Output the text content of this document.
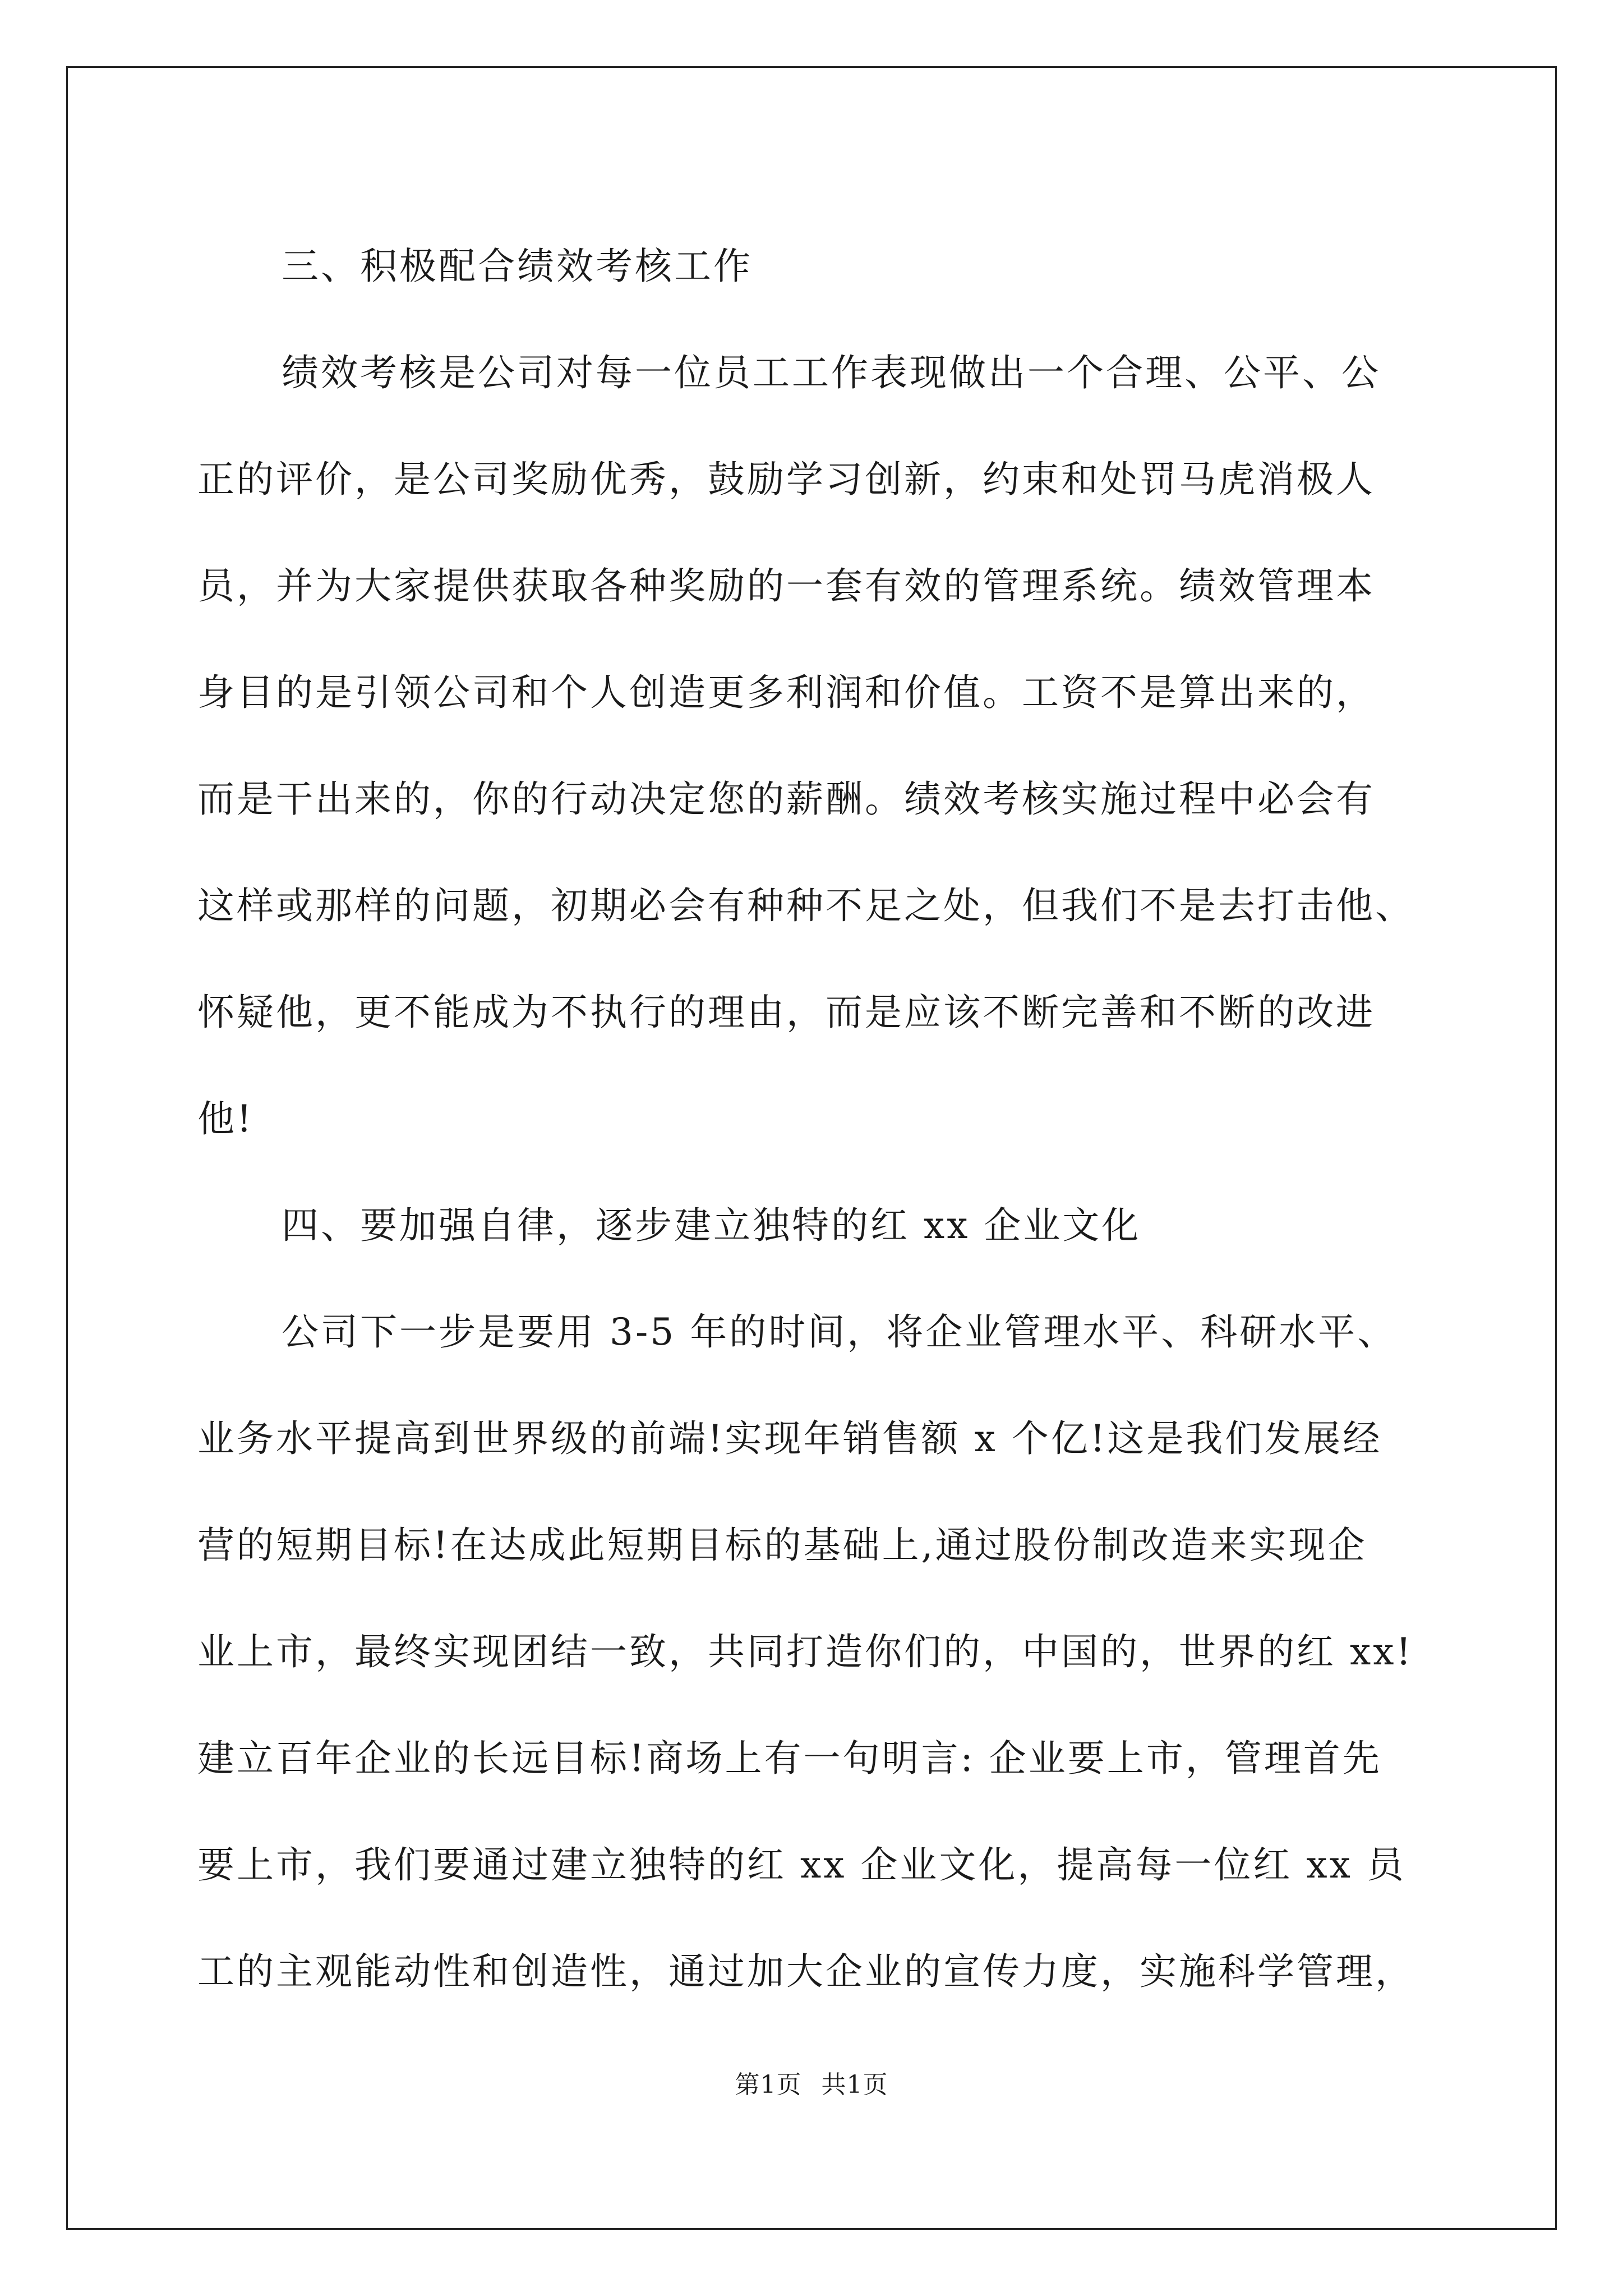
三、积极配合绩效考核工作
绩效考核是公司对每一位员工工作表现做出一个合理、公平、公
正的评价，是公司奖励优秀，鼓励学习创新，约束和处罚马虎消极人
员，并为大家提供获取各种奖励的一套有效的管理系统。绩效管理本
身目的是引领公司和个人创造更多利润和价值。工资不是算出来的，
而是干出来的，你的行动决定您的薪酬。绩效考核实施过程中必会有
这样或那样的问题，初期必会有种种不足之处，但我们不是去打击他、
怀疑他，更不能成为不执行的理由，而是应该不断完善和不断的改进
他!
四、要加强自律，逐步建立独特的红 xx 企业文化
公司下一步是要用 3-5 年的时间，将企业管理水平、科研水平、
业务水平提高到世界级的前端!实现年销售额 x 个亿!这是我们发展经
营的短期目标!在达成此短期目标的基础上,通过股份制改造来实现企
业上市，最终实现团结一致，共同打造你们的，中国的，世界的红 xx!
建立百年企业的长远目标!商场上有一句明言: 企业要上市，管理首先
要上市，我们要通过建立独特的红 xx 企业文化，提高每一位红 xx 员
工的主观能动性和创造性，通过加大企业的宣传力度，实施科学管理，
第1页 共1页
